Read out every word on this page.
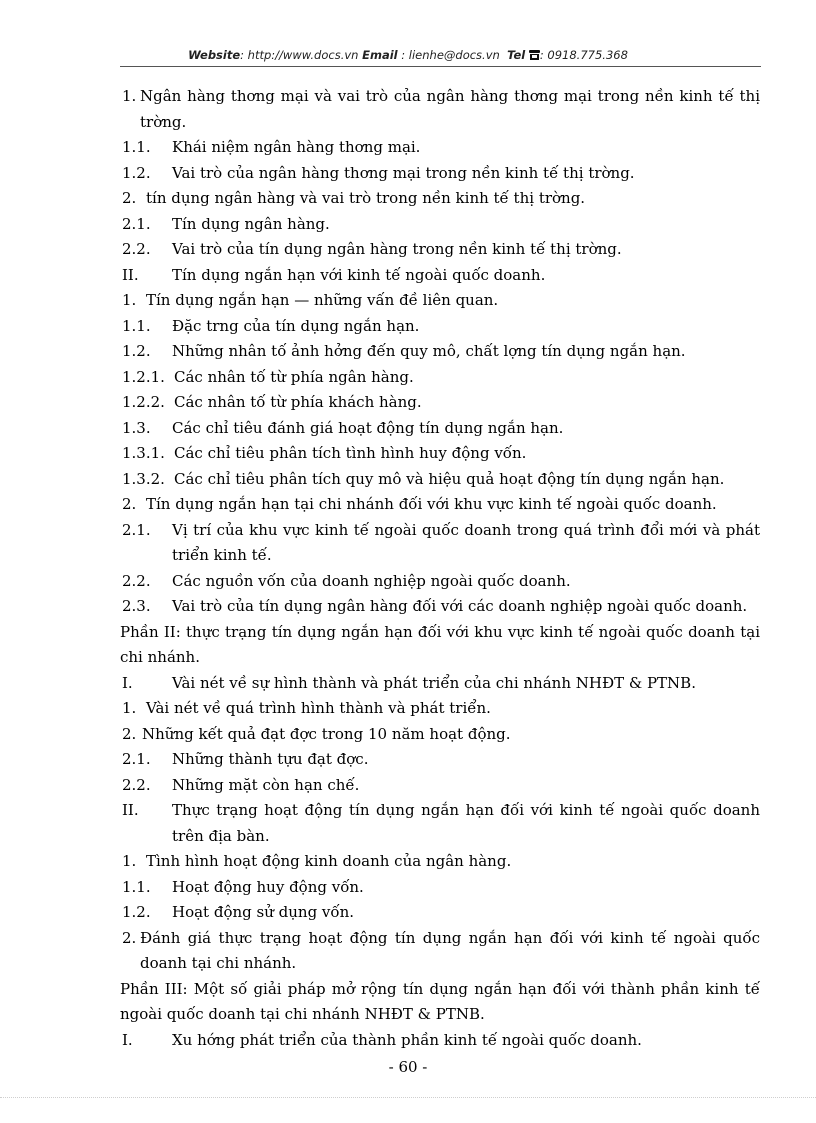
Website: http://www.docs.vn Email : lienhe@docs.vn Tel : 0918.775.368
1. Ngân hàng thơng mại và vai trò của ngân hàng thơng mại trong nền kinh tế thị trờng.
1.1. Khái niệm ngân hàng thơng mại.
1.2. Vai trò của ngân hàng thơng mại trong nền kinh tế thị trờng.
2. tín dụng ngân hàng và vai trò trong nền kinh tế thị trờng.
2.1. Tín dụng ngân hàng.
2.2. Vai trò của tín dụng ngân hàng trong nền kinh tế thị trờng.
II. Tín dụng ngắn hạn với kinh tế ngoài quốc doanh.
1. Tín dụng ngắn hạn — những vấn đề liên quan.
1.1. Đặc trng của tín dụng ngắn hạn.
1.2. Những nhân tố ảnh hởng đến quy mô, chất lợng tín dụng ngắn hạn.
1.2.1. Các nhân tố từ phía ngân hàng.
1.2.2. Các nhân tố từ phía khách hàng.
1.3. Các chỉ tiêu đánh giá hoạt động tín dụng ngắn hạn.
1.3.1. Các chỉ tiêu phân tích tình hình huy động vốn.
1.3.2. Các chỉ tiêu phân tích quy mô và hiệu quả hoạt động tín dụng ngắn hạn.
2. Tín dụng ngắn hạn tại chi nhánh đối với khu vực kinh tế ngoài quốc doanh.
2.1. Vị trí của khu vực kinh tế ngoài quốc doanh trong quá trình đổi mới và phát triển kinh tế.
2.2. Các nguồn vốn của doanh nghiệp ngoài quốc doanh.
2.3. Vai trò của tín dụng ngân hàng đối với các doanh nghiệp ngoài quốc doanh.
Phần II: thực trạng tín dụng ngắn hạn đối với khu vực kinh tế ngoài quốc doanh tại chi nhánh.
I.	Vài nét về sự hình thành và phát triển của chi nhánh NHĐT & PTNB.
1. Vài nét về quá trình hình thành và phát triển.
2. Những kết quả đạt đợc trong 10 năm hoạt động.
2.1. Những thành tựu đạt đợc.
2.2. Những mặt còn hạn chế.
II. Thực trạng hoạt động tín dụng ngắn hạn đối với kinh tế ngoài quốc doanh trên địa bàn.
1. Tình hình hoạt động kinh doanh của ngân hàng.
1.1. Hoạt động huy động vốn.
1.2. Hoạt động sử dụng vốn.
2. Đánh giá thực trạng hoạt động tín dụng ngắn hạn đối với kinh tế ngoài quốc doanh tại chi nhánh.
Phần III: Một số giải pháp mở rộng tín dụng ngắn hạn đối với thành phần kinh tế ngoài quốc doanh tại chi nhánh NHĐT & PTNB.
I.	Xu hớng phát triển của thành phần kinh tế ngoài quốc doanh.
- 60 -
